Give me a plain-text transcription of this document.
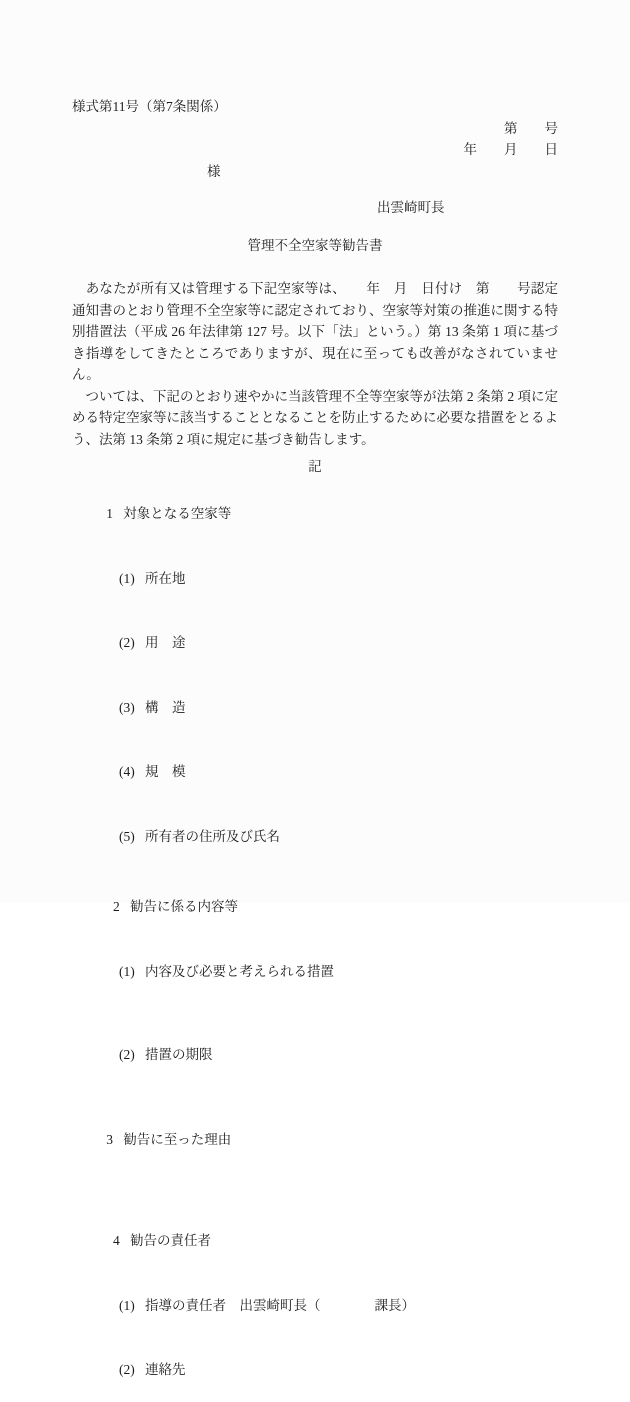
様式第11号（第7条関係）
第　　号
年　　月　　日
様
出雲崎町長
管理不全空家等勧告書

　あなたが所有又は管理する下記空家等は、　　年　月　日付け　第　　号認定通知書のとおり管理不全空家等に認定されており、空家等対策の推進に関する特別措置法（平成 26 年法律第 127 号。以下「法」という。）第 13 条第 1 項に基づき指導をしてきたところでありますが、現在に至っても改善がなされていません。

　ついては、下記のとおり速やかに当該管理不全等空家等が法第 2 条第 2 項に定める特定空家等に該当することとなることを防止するために必要な措置をとるよう、法第 13 条第 2 項に規定に基づき勧告します。

記

1 対象となる空家等

(1) 所在地

(2) 用　途

(3) 構　造

(4) 規　模

(5) 所有者の住所及び氏名

2 勧告に係る内容等

(1) 内容及び必要と考えられる措置

(2) 措置の期限

3 勧告に至った理由

4 勧告の責任者

(1) 指導の責任者　出雲崎町長（　　　　課長）

(2) 連絡先
